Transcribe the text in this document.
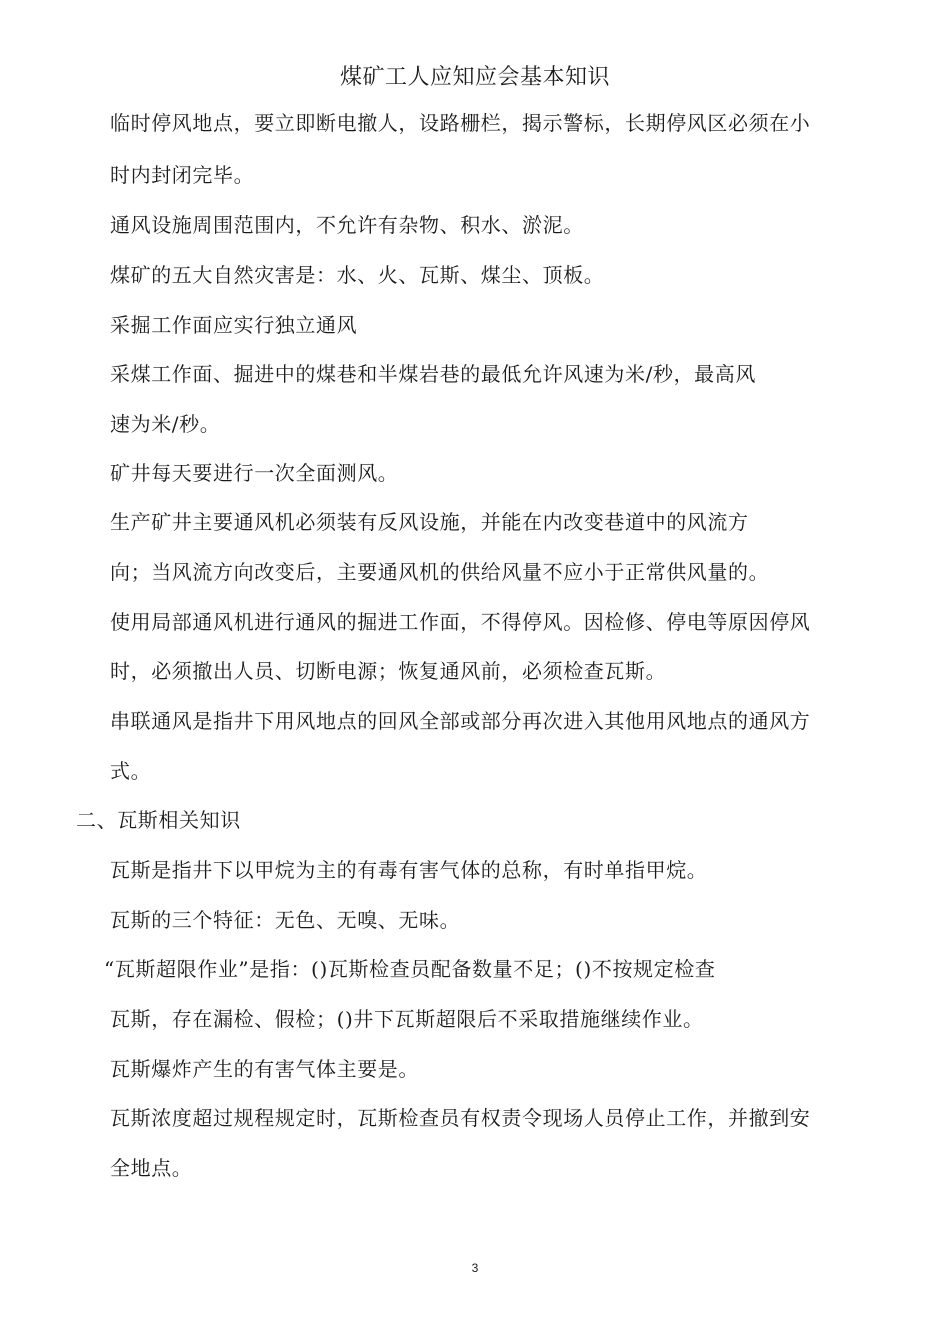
煤矿工人应知应会基本知识
临时停风地点，要立即断电撤人，设路栅栏，揭示警标，长期停风区必须在小
时内封闭完毕。
通风设施周围范围内，不允许有杂物、积水、淤泥。
煤矿的五大自然灾害是：水、火、瓦斯、煤尘、顶板。
采掘工作面应实行独立通风
采煤工作面、掘进中的煤巷和半煤岩巷的最低允许风速为米/秒，最高风
速为米/秒。
矿井每天要进行一次全面测风。
生产矿井主要通风机必须装有反风设施，并能在内改变巷道中的风流方
向；当风流方向改变后，主要通风机的供给风量不应小于正常供风量的。
使用局部通风机进行通风的掘进工作面，不得停风。因检修、停电等原因停风
时，必须撤出人员、切断电源；恢复通风前，必须检查瓦斯。
串联通风是指井下用风地点的回风全部或部分再次进入其他用风地点的通风方
式。
二、瓦斯相关知识
瓦斯是指井下以甲烷为主的有毒有害气体的总称，有时单指甲烷。
瓦斯的三个特征：无色、无嗅、无味。
“瓦斯超限作业”是指：()瓦斯检查员配备数量不足；()不按规定检查
瓦斯，存在漏检、假检；()井下瓦斯超限后不采取措施继续作业。
瓦斯爆炸产生的有害气体主要是。
瓦斯浓度超过规程规定时，瓦斯检查员有权责令现场人员停止工作，并撤到安
全地点。
3
